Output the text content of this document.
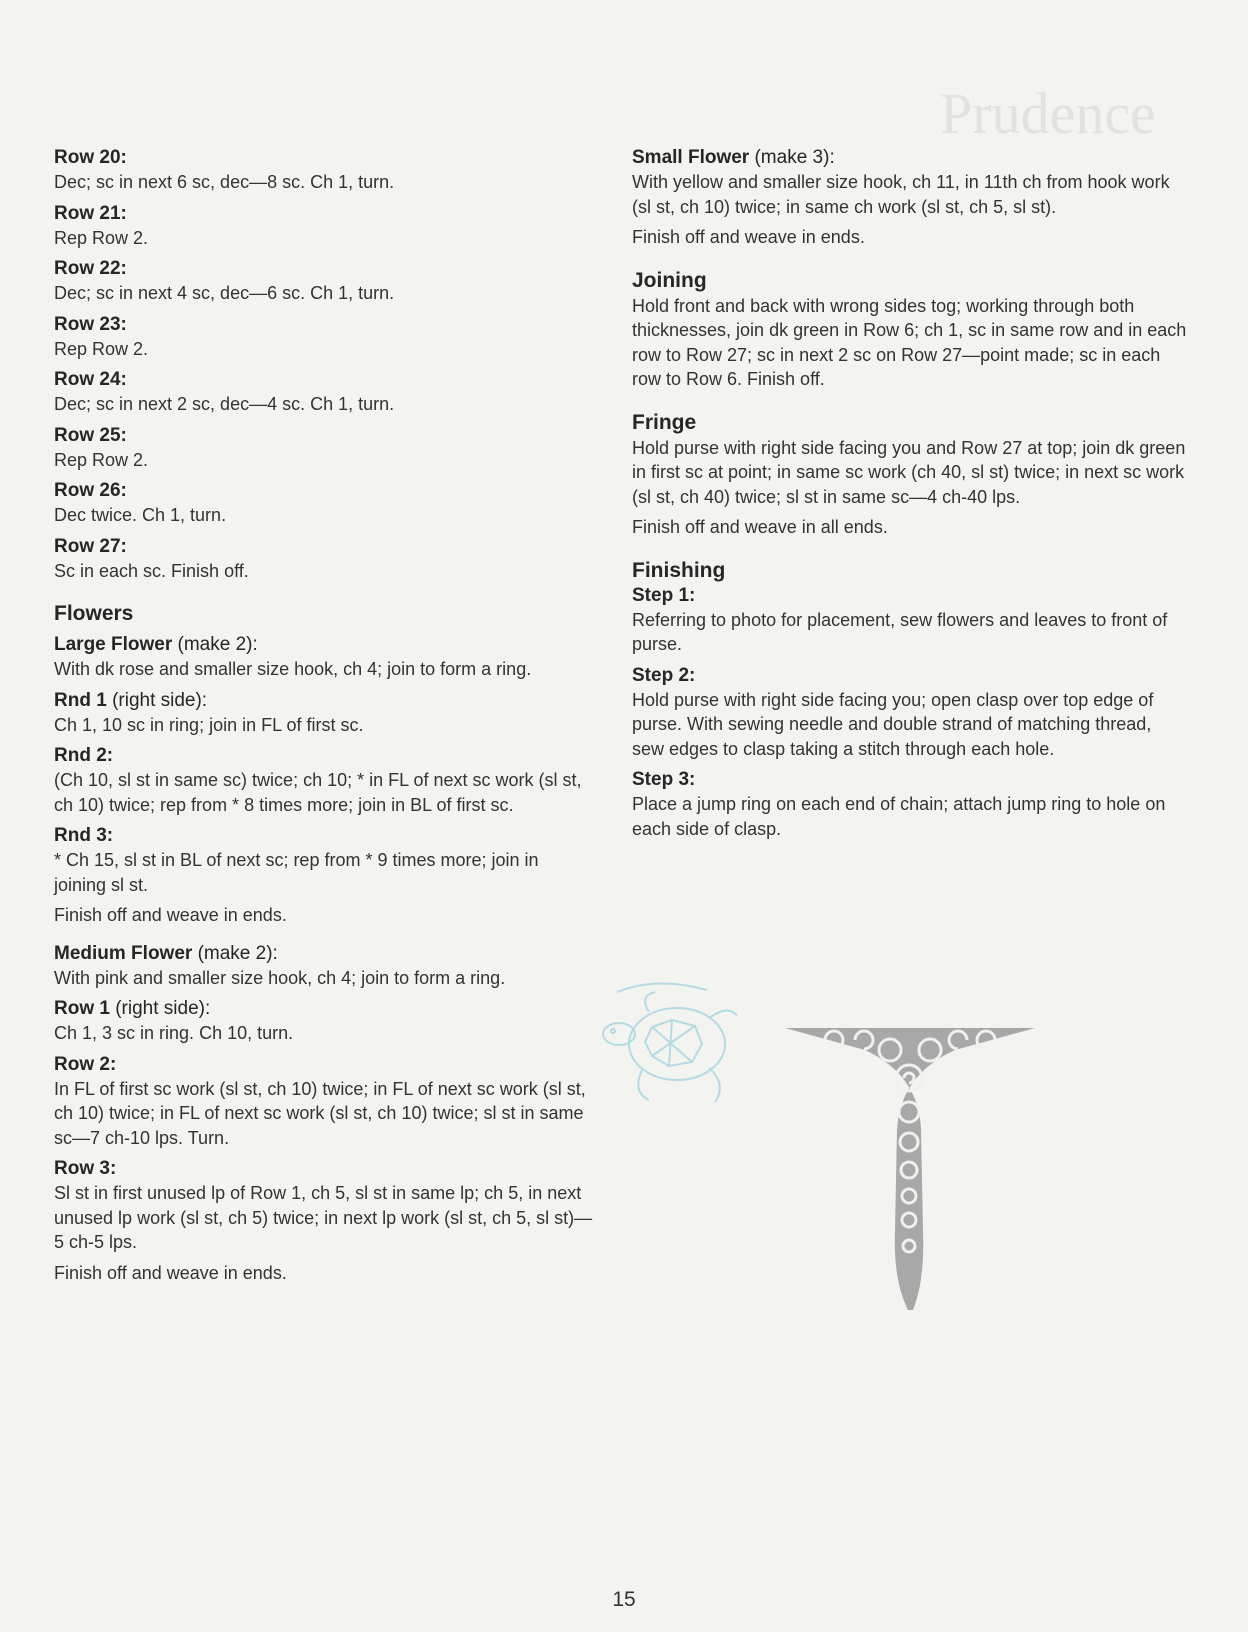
Prudence
Row 20:
Dec; sc in next 6 sc, dec—8 sc. Ch 1, turn.
Row 21:
Rep Row 2.
Row 22:
Dec; sc in next 4 sc, dec—6 sc. Ch 1, turn.
Row 23:
Rep Row 2.
Row 24:
Dec; sc in next 2 sc, dec—4 sc. Ch 1, turn.
Row 25:
Rep Row 2.
Row 26:
Dec twice. Ch 1, turn.
Row 27:
Sc in each sc. Finish off.
Flowers
Large Flower (make 2):
With dk rose and smaller size hook, ch 4; join to form a ring.
Rnd 1 (right side):
Ch 1, 10 sc in ring; join in FL of first sc.
Rnd 2:
(Ch 10, sl st in same sc) twice; ch 10; * in FL of next sc work (sl st, ch 10) twice; rep from * 8 times more; join in BL of first sc.
Rnd 3:
* Ch 15, sl st in BL of next sc; rep from * 9 times more; join in joining sl st.
Finish off and weave in ends.
Medium Flower (make 2):
With pink and smaller size hook, ch 4; join to form a ring.
Row 1 (right side):
Ch 1, 3 sc in ring. Ch 10, turn.
Row 2:
In FL of first sc work (sl st, ch 10) twice; in FL of next sc work (sl st, ch 10) twice; in FL of next sc work (sl st, ch 10) twice; sl st in same sc—7 ch-10 lps. Turn.
Row 3:
Sl st in first unused lp of Row 1, ch 5, sl st in same lp; ch 5, in next unused lp work (sl st, ch 5) twice; in next lp work (sl st, ch 5, sl st)—5 ch-5 lps.
Finish off and weave in ends.
Small Flower (make 3):
With yellow and smaller size hook, ch 11, in 11th ch from hook work (sl st, ch 10) twice; in same ch work (sl st, ch 5, sl st).
Finish off and weave in ends.
Joining
Hold front and back with wrong sides tog; working through both thicknesses, join dk green in Row 6; ch 1, sc in same row and in each row to Row 27; sc in next 2 sc on Row 27—point made; sc in each row to Row 6. Finish off.
Fringe
Hold purse with right side facing you and Row 27 at top; join dk green in first sc at point; in same sc work (ch 40, sl st) twice; in next sc work (sl st, ch 40) twice; sl st in same sc—4 ch-40 lps.
Finish off and weave in all ends.
Finishing
Step 1:
Referring to photo for placement, sew flowers and leaves to front of purse.
Step 2:
Hold purse with right side facing you; open clasp over top edge of purse. With sewing needle and double strand of matching thread, sew edges to clasp taking a stitch through each hole.
Step 3:
Place a jump ring on each end of chain; attach jump ring to hole on each side of clasp.
15
